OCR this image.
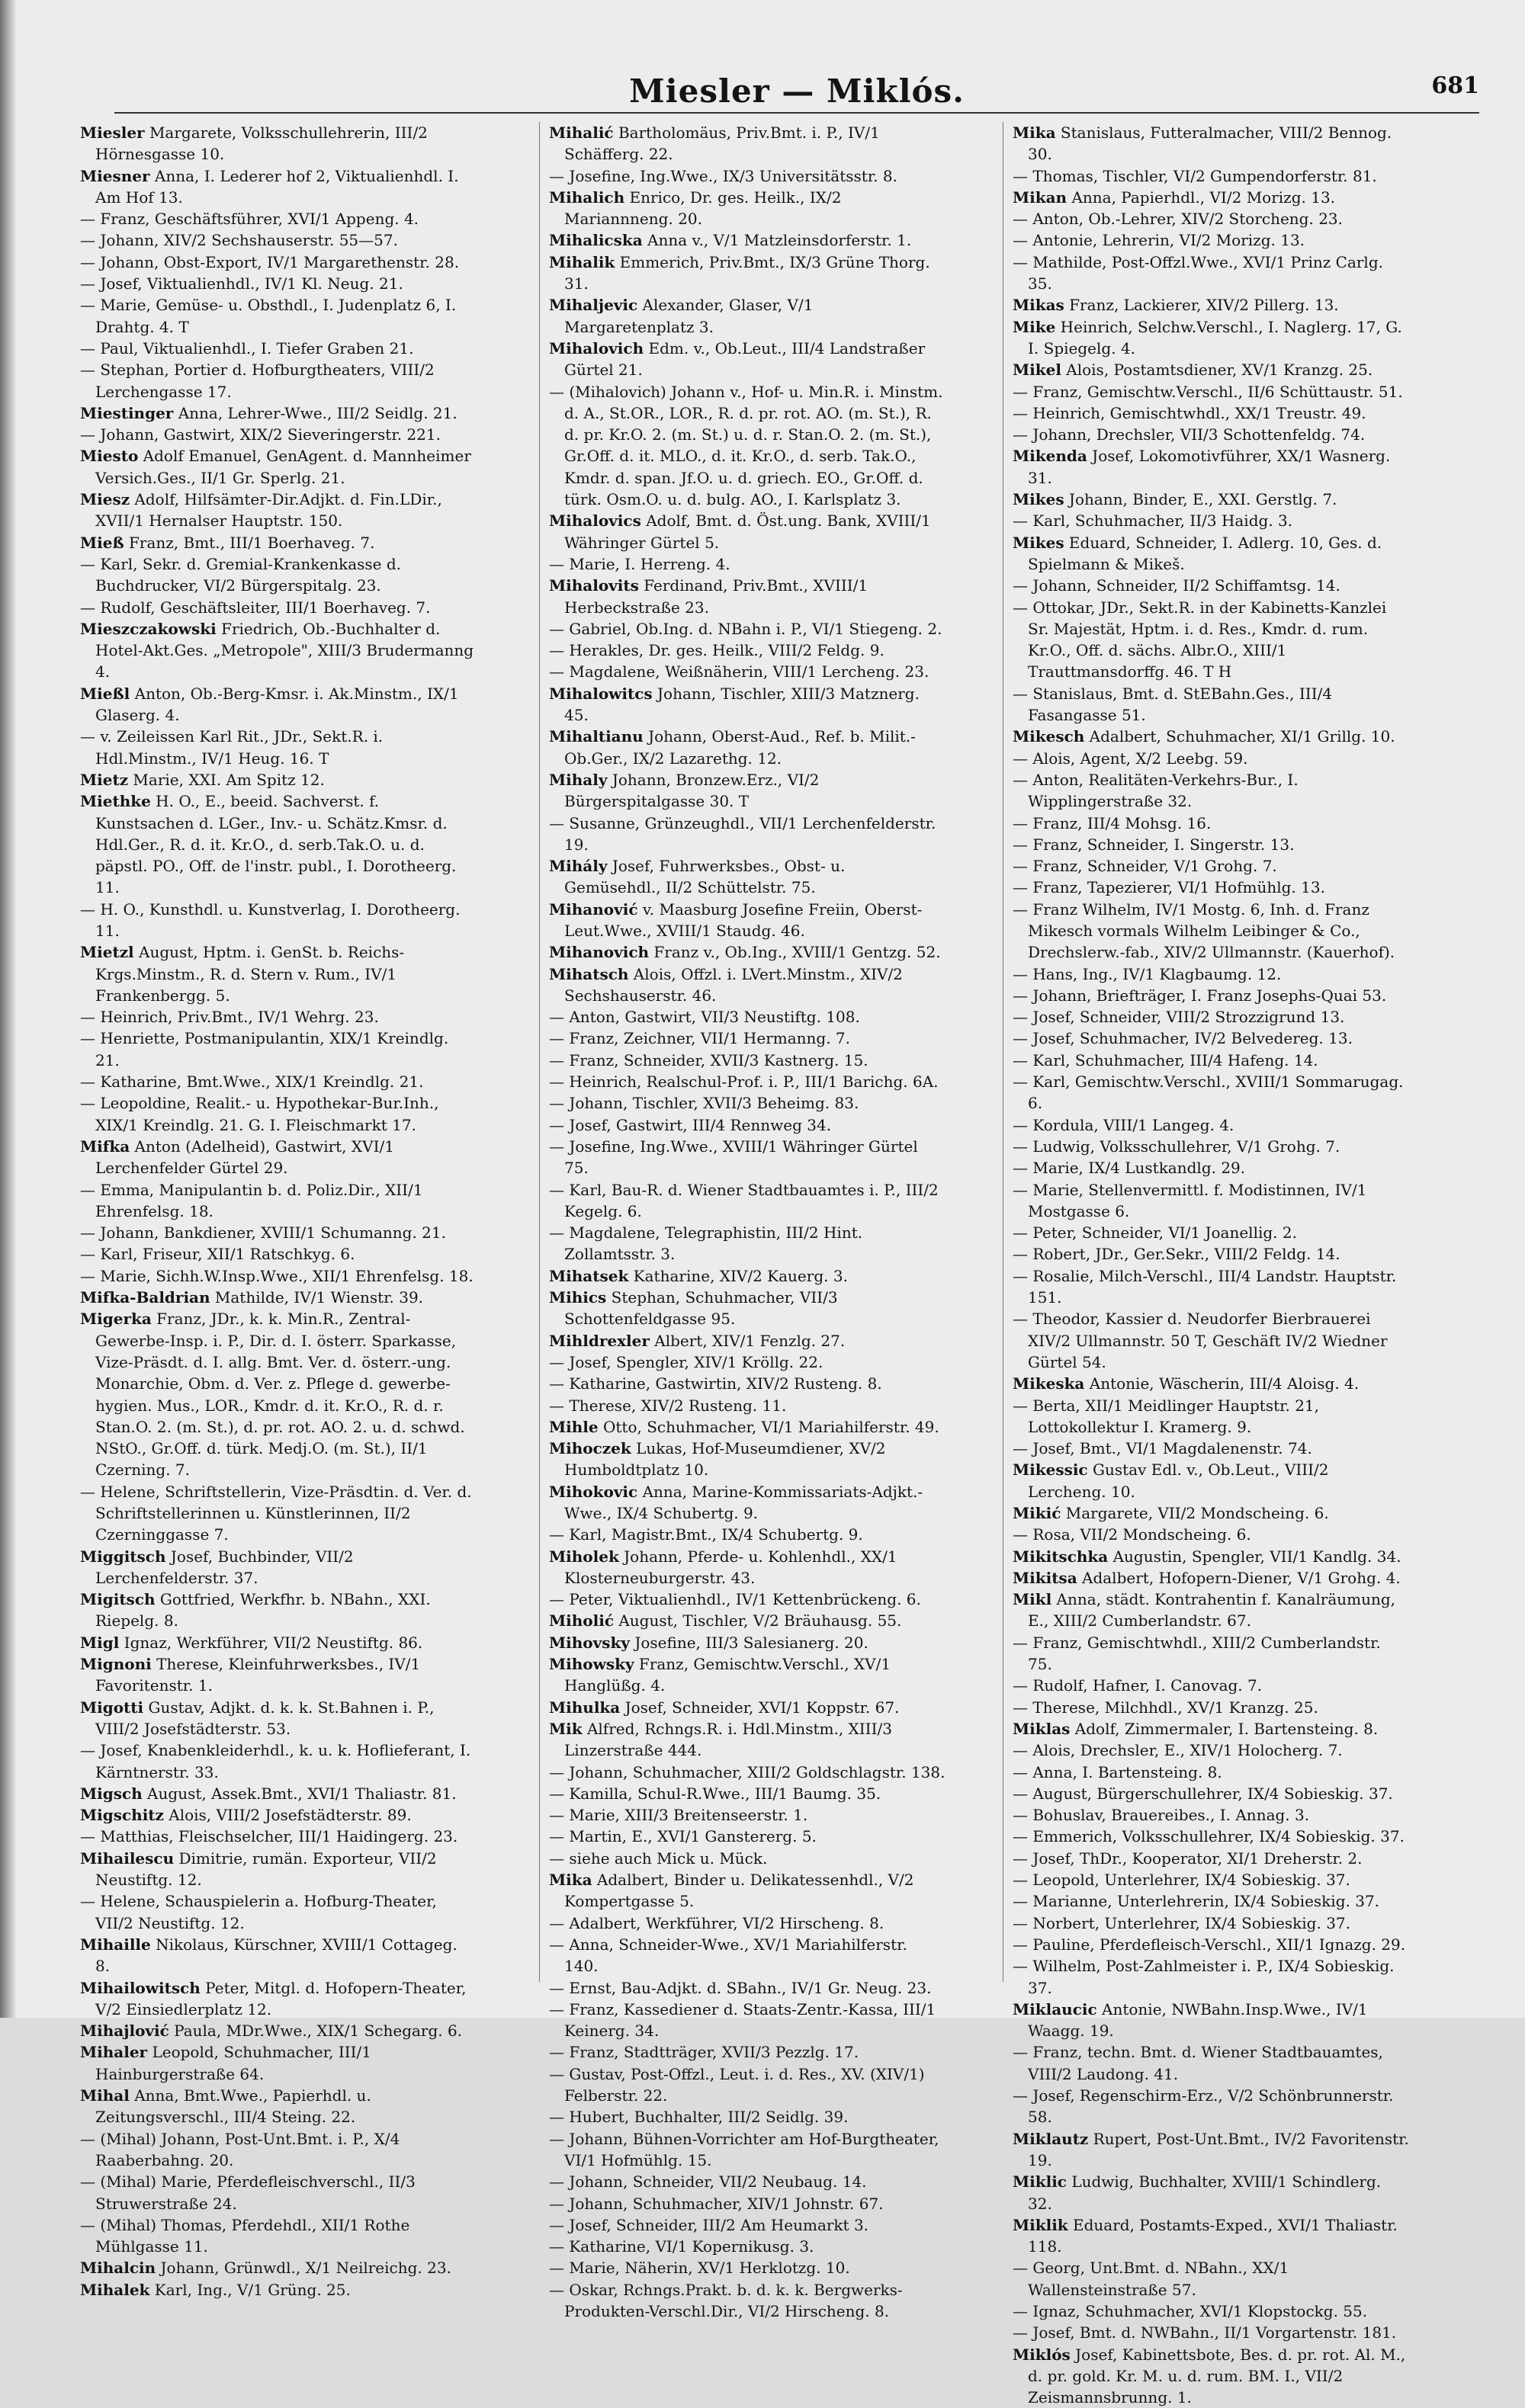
Miesler — Miklós.	681
Miesler Margarete, Volksschullehrerin, III/2 Hörnesgasse 10.
Miesner Anna, I. Lederer hof 2, Viktualienhdl. I. Am Hof 13.
— Franz, Geschäftsführer, XVI/1 Appeng. 4.
— Johann, XIV/2 Sechshauserstr. 55—57.
— Johann, Obst-Export, IV/1 Margarethenstr. 28.
— Josef, Viktualienhdl., IV/1 Kl. Neug. 21.
— Marie, Gemüse- u. Obsthdl., I. Judenplatz 6, I. Drahtg. 4. T
— Paul, Viktualienhdl., I. Tiefer Graben 21.
— Stephan, Portier d. Hofburgtheaters, VIII/2 Lerchengasse 17.
Miestinger Anna, Lehrer-Wwe., III/2 Seidlg. 21.
— Johann, Gastwirt, XIX/2 Sieveringerstr. 221.
Miesto Adolf Emanuel, GenAgent. d. Mannheimer Versich.Ges., II/1 Gr. Sperlg. 21.
Miesz Adolf, Hilfsämter-Dir.Adjkt. d. Fin.LDir., XVII/1 Hernalser Hauptstr. 150.
Mieß Franz, Bmt., III/1 Boerhaveg. 7.
— Karl, Sekr. d. Gremial-Krankenkasse d. Buchdrucker, VI/2 Bürgerspitalg. 23.
— Rudolf, Geschäftsleiter, III/1 Boerhaveg. 7.
Mieszczakowski Friedrich, Ob.-Buchhalter d. Hotel-Akt.Ges. „Metropole", XIII/3 Brudermanng 4.
Mießl Anton, Ob.-Berg-Kmsr. i. Ak.Minstm., IX/1 Glaserg. 4.
— v. Zeileissen Karl Rit., JDr., Sekt.R. i. Hdl.Minstm., IV/1 Heug. 16. T
Mietz Marie, XXI. Am Spitz 12.
Miethke H. O., E., beeid. Sachverst. f. Kunstsachen d. LGer., Inv.- u. Schätz.Kmsr. d. Hdl.Ger., R. d. it. Kr.O., d. serb.Tak.O. u. d. päpstl. PO., Off. de l'instr. publ., I. Dorotheerg. 11.
— H. O., Kunsthdl. u. Kunstverlag, I. Dorotheerg. 11.
Mietzl August, Hptm. i. GenSt. b. Reichs-Krgs.Minstm., R. d. Stern v. Rum., IV/1 Frankenbergg. 5.
— Heinrich, Priv.Bmt., IV/1 Wehrg. 23.
— Henriette, Postmanipulantin, XIX/1 Kreindlg. 21.
— Katharine, Bmt.Wwe., XIX/1 Kreindlg. 21.
— Leopoldine, Realit.- u. Hypothekar-Bur.Inh., XIX/1 Kreindlg. 21. G. I. Fleischmarkt 17.
Mifka Anton (Adelheid), Gastwirt, XVI/1 Lerchenfelder Gürtel 29.
— Emma, Manipulantin b. d. Poliz.Dir., XII/1 Ehrenfelsg. 18.
— Johann, Bankdiener, XVIII/1 Schumanng. 21.
— Karl, Friseur, XII/1 Ratschkyg. 6.
— Marie, Sichh.W.Insp.Wwe., XII/1 Ehrenfelsg. 18.
Mifka-Baldrian Mathilde, IV/1 Wienstr. 39.
Migerka Franz, JDr., k. k. Min.R., Zentral-Gewerbe-Insp. i. P., Dir. d. I. österr. Sparkasse, Vize-Präsdt. d. I. allg. Bmt. Ver. d. österr.-ung. Monarchie, Obm. d. Ver. z. Pflege d. gewerbe-hygien. Mus., LOR., Kmdr. d. it. Kr.O., R. d. r. Stan.O. 2. (m. St.), d. pr. rot. AO. 2. u. d. schwd. NStO., Gr.Off. d. türk. Medj.O. (m. St.), II/1 Czerning. 7.
— Helene, Schriftstellerin, Vize-Präsdtin. d. Ver. d. Schriftstellerinnen u. Künstlerinnen, II/2 Czerninggasse 7.
Miggitsch Josef, Buchbinder, VII/2 Lerchenfelderstr. 37.
Migitsch Gottfried, Werkfhr. b. NBahn., XXI. Riepelg. 8.
Migl Ignaz, Werkführer, VII/2 Neustiftg. 86.
Mignoni Therese, Kleinfuhrwerksbes., IV/1 Favoritenstr. 1.
Migotti Gustav, Adjkt. d. k. k. St.Bahnen i. P., VIII/2 Josefstädterstr. 53.
— Josef, Knabenkleiderhdl., k. u. k. Hoflieferant, I. Kärntnerstr. 33.
Migsch August, Assek.Bmt., XVI/1 Thaliastr. 81.
Migschitz Alois, VIII/2 Josefstädterstr. 89.
— Matthias, Fleischselcher, III/1 Haidingerg. 23.
Mihailescu Dimitrie, rumän. Exporteur, VII/2 Neustiftg. 12.
— Helene, Schauspielerin a. Hofburg-Theater, VII/2 Neustiftg. 12.
Mihaille Nikolaus, Kürschner, XVIII/1 Cottageg. 8.
Mihailowitsch Peter, Mitgl. d. Hofopern-Theater, V/2 Einsiedlerplatz 12.
Mihajlović Paula, MDr.Wwe., XIX/1 Schegarg. 6.
Mihaler Leopold, Schuhmacher, III/1 Hainburgerstraße 64.
Mihal Anna, Bmt.Wwe., Papierhdl. u. Zeitungsverschl., III/4 Steing. 22.
— (Mihal) Johann, Post-Unt.Bmt. i. P., X/4 Raaberbahng. 20.
— (Mihal) Marie, Pferdefleischverschl., II/3 Struwerstraße 24.
— (Mihal) Thomas, Pferdehdl., XII/1 Rothe Mühlgasse 11.
Mihalcin Johann, Grünwdl., X/1 Neilreichg. 23.
Mihalek Karl, Ing., V/1 Grüng. 25.
Mihalić Bartholomäus, Priv.Bmt. i. P., IV/1 Schäfferg. 22.
— Josefine, Ing.Wwe., IX/3 Universitätsstr. 8.
Mihalich Enrico, Dr. ges. Heilk., IX/2 Mariannneng. 20.
Mihalicska Anna v., V/1 Matzleinsdorferstr. 1.
Mihalik Emmerich, Priv.Bmt., IX/3 Grüne Thorg. 31.
Mihaljevic Alexander, Glaser, V/1 Margaretenplatz 3.
Mihalovich Edm. v., Ob.Leut., III/4 Landstraßer Gürtel 21.
— (Mihalovich) Johann v., Hof- u. Min.R. i. Minstm. d. A., St.OR., LOR., R. d. pr. rot. AO. (m. St.), R. d. pr. Kr.O. 2. (m. St.) u. d. r. Stan.O. 2. (m. St.), Gr.Off. d. it. MLO., d. it. Kr.O., d. serb. Tak.O., Kmdr. d. span. Jf.O. u. d. griech. EO., Gr.Off. d. türk. Osm.O. u. d. bulg. AO., I. Karlsplatz 3.
Mihalovics Adolf, Bmt. d. Öst.ung. Bank, XVIII/1 Währinger Gürtel 5.
— Marie, I. Herreng. 4.
Mihalovits Ferdinand, Priv.Bmt., XVIII/1 Herbeckstraße 23.
— Gabriel, Ob.Ing. d. NBahn i. P., VI/1 Stiegeng. 2.
— Herakles, Dr. ges. Heilk., VIII/2 Feldg. 9.
— Magdalene, Weißnäherin, VIII/1 Lercheng. 23.
Mihalowitcs Johann, Tischler, XIII/3 Matznerg. 45.
Mihaltianu Johann, Oberst-Aud., Ref. b. Milit.-Ob.Ger., IX/2 Lazarethg. 12.
Mihaly Johann, Bronzew.Erz., VI/2 Bürgerspitalgasse 30. T
— Susanne, Grünzeughdl., VII/1 Lerchenfelderstr. 19.
Mihály Josef, Fuhrwerksbes., Obst- u. Gemüsehdl., II/2 Schüttelstr. 75.
Mihanović v. Maasburg Josefine Freiin, Oberst-Leut.Wwe., XVIII/1 Staudg. 46.
Mihanovich Franz v., Ob.Ing., XVIII/1 Gentzg. 52.
Mihatsch Alois, Offzl. i. LVert.Minstm., XIV/2 Sechshauserstr. 46.
— Anton, Gastwirt, VII/3 Neustiftg. 108.
— Franz, Zeichner, VII/1 Hermanng. 7.
— Franz, Schneider, XVII/3 Kastnerg. 15.
— Heinrich, Realschul-Prof. i. P., III/1 Barichg. 6A.
— Johann, Tischler, XVII/3 Beheimg. 83.
— Josef, Gastwirt, III/4 Rennweg 34.
— Josefine, Ing.Wwe., XVIII/1 Währinger Gürtel 75.
— Karl, Bau-R. d. Wiener Stadtbauamtes i. P., III/2 Kegelg. 6.
— Magdalene, Telegraphistin, III/2 Hint. Zollamtsstr. 3.
Mihatsek Katharine, XIV/2 Kauerg. 3.
Mihics Stephan, Schuhmacher, VII/3 Schottenfeldgasse 95.
Mihldrexler Albert, XIV/1 Fenzlg. 27.
— Josef, Spengler, XIV/1 Kröllg. 22.
— Katharine, Gastwirtin, XIV/2 Rusteng. 8.
— Therese, XIV/2 Rusteng. 11.
Mihle Otto, Schuhmacher, VI/1 Mariahilferstr. 49.
Mihoczek Lukas, Hof-Museumdiener, XV/2 Humboldtplatz 10.
Mihokovic Anna, Marine-Kommissariats-Adjkt.-Wwe., IX/4 Schubertg. 9.
— Karl, Magistr.Bmt., IX/4 Schubertg. 9.
Miholek Johann, Pferde- u. Kohlenhdl., XX/1 Klosterneuburgerstr. 43.
— Peter, Viktualienhdl., IV/1 Kettenbrückeng. 6.
Miholić August, Tischler, V/2 Bräuhausg. 55.
Mihovsky Josefine, III/3 Salesianerg. 20.
Mihowsky Franz, Gemischtw.Verschl., XV/1 Hanglüßg. 4.
Mihulka Josef, Schneider, XVI/1 Koppstr. 67.
Mik Alfred, Rchngs.R. i. Hdl.Minstm., XIII/3 Linzerstraße 444.
— Johann, Schuhmacher, XIII/2 Goldschlagstr. 138.
— Kamilla, Schul-R.Wwe., III/1 Baumg. 35.
— Marie, XIII/3 Breitenseerstr. 1.
— Martin, E., XVI/1 Ganstererg. 5.
— siehe auch Mick u. Mück.
Mika Adalbert, Binder u. Delikatessenhdl., V/2 Kompertgasse 5.
— Adalbert, Werkführer, VI/2 Hirscheng. 8.
— Anna, Schneider-Wwe., XV/1 Mariahilferstr. 140.
— Ernst, Bau-Adjkt. d. SBahn., IV/1 Gr. Neug. 23.
— Franz, Kassediener d. Staats-Zentr.-Kassa, III/1 Keinerg. 34.
— Franz, Stadtträger, XVII/3 Pezzlg. 17.
— Gustav, Post-Offzl., Leut. i. d. Res., XV. (XIV/1) Felberstr. 22.
— Hubert, Buchhalter, III/2 Seidlg. 39.
— Johann, Bühnen-Vorrichter am Hof-Burgtheater, VI/1 Hofmühlg. 15.
— Johann, Schneider, VII/2 Neubaug. 14.
— Johann, Schuhmacher, XIV/1 Johnstr. 67.
— Josef, Schneider, III/2 Am Heumarkt 3.
— Katharine, VI/1 Kopernikusg. 3.
— Marie, Näherin, XV/1 Herklotzg. 10.
— Oskar, Rchngs.Prakt. b. d. k. k. Bergwerks-Produkten-Verschl.Dir., VI/2 Hirscheng. 8.
Mika Stanislaus, Futteralmacher, VIII/2 Bennog. 30.
— Thomas, Tischler, VI/2 Gumpendorferstr. 81.
Mikan Anna, Papierhdl., VI/2 Morizg. 13.
— Anton, Ob.-Lehrer, XIV/2 Storcheng. 23.
— Antonie, Lehrerin, VI/2 Morizg. 13.
— Mathilde, Post-Offzl.Wwe., XVI/1 Prinz Carlg. 35.
Mikas Franz, Lackierer, XIV/2 Pillerg. 13.
Mike Heinrich, Selchw.Verschl., I. Naglerg. 17, G. I. Spiegelg. 4.
Mikel Alois, Postamtsdiener, XV/1 Kranzg. 25.
— Franz, Gemischtw.Verschl., II/6 Schüttaustr. 51.
— Heinrich, Gemischtwhdl., XX/1 Treustr. 49.
— Johann, Drechsler, VII/3 Schottenfeldg. 74.
Mikenda Josef, Lokomotivführer, XX/1 Wasnerg. 31.
Mikes Johann, Binder, E., XXI. Gerstlg. 7.
— Karl, Schuhmacher, II/3 Haidg. 3.
Mikes Eduard, Schneider, I. Adlerg. 10, Ges. d. Spielmann & Mikeš.
— Johann, Schneider, II/2 Schiffamtsg. 14.
— Ottokar, JDr., Sekt.R. in der Kabinetts-Kanzlei Sr. Majestät, Hptm. i. d. Res., Kmdr. d. rum. Kr.O., Off. d. sächs. Albr.O., XIII/1 Trauttmansdorffg. 46. T H
— Stanislaus, Bmt. d. StEBahn.Ges., III/4 Fasangasse 51.
Mikesch Adalbert, Schuhmacher, XI/1 Grillg. 10.
— Alois, Agent, X/2 Leebg. 59.
— Anton, Realitäten-Verkehrs-Bur., I. Wipplingerstraße 32.
— Franz, III/4 Mohsg. 16.
— Franz, Schneider, I. Singerstr. 13.
— Franz, Schneider, V/1 Grohg. 7.
— Franz, Tapezierer, VI/1 Hofmühlg. 13.
— Franz Wilhelm, IV/1 Mostg. 6, Inh. d. Franz Mikesch vormals Wilhelm Leibinger & Co., Drechslerw.-fab., XIV/2 Ullmannstr. (Kauerhof).
— Hans, Ing., IV/1 Klagbaumg. 12.
— Johann, Briefträger, I. Franz Josephs-Quai 53.
— Josef, Schneider, VIII/2 Strozzigrund 13.
— Josef, Schuhmacher, IV/2 Belvedereg. 13.
— Karl, Schuhmacher, III/4 Hafeng. 14.
— Karl, Gemischtw.Verschl., XVIII/1 Sommarugag. 6.
— Kordula, VIII/1 Langeg. 4.
— Ludwig, Volksschullehrer, V/1 Grohg. 7.
— Marie, IX/4 Lustkandlg. 29.
— Marie, Stellenvermittl. f. Modistinnen, IV/1 Mostgasse 6.
— Peter, Schneider, VI/1 Joanellig. 2.
— Robert, JDr., Ger.Sekr., VIII/2 Feldg. 14.
— Rosalie, Milch-Verschl., III/4 Landstr. Hauptstr. 151.
— Theodor, Kassier d. Neudorfer Bierbrauerei XIV/2 Ullmannstr. 50 T, Geschäft IV/2 Wiedner Gürtel 54.
Mikeska Antonie, Wäscherin, III/4 Aloisg. 4.
— Berta, XII/1 Meidlinger Hauptstr. 21, Lottokollektur I. Kramerg. 9.
— Josef, Bmt., VI/1 Magdalenenstr. 74.
Mikessic Gustav Edl. v., Ob.Leut., VIII/2 Lercheng. 10.
Mikić Margarete, VII/2 Mondscheing. 6.
— Rosa, VII/2 Mondscheing. 6.
Mikitschka Augustin, Spengler, VII/1 Kandlg. 34.
Mikitsa Adalbert, Hofopern-Diener, V/1 Grohg. 4.
Mikl Anna, städt. Kontrahentin f. Kanalräumung, E., XIII/2 Cumberlandstr. 67.
— Franz, Gemischtwhdl., XIII/2 Cumberlandstr. 75.
— Rudolf, Hafner, I. Canovag. 7.
— Therese, Milchhdl., XV/1 Kranzg. 25.
Miklas Adolf, Zimmermaler, I. Bartensteing. 8.
— Alois, Drechsler, E., XIV/1 Holocherg. 7.
— Anna, I. Bartensteing. 8.
— August, Bürgerschullehrer, IX/4 Sobieskig. 37.
— Bohuslav, Brauereibes., I. Annag. 3.
— Emmerich, Volksschullehrer, IX/4 Sobieskig. 37.
— Josef, ThDr., Kooperator, XI/1 Dreherstr. 2.
— Leopold, Unterlehrer, IX/4 Sobieskig. 37.
— Marianne, Unterlehrerin, IX/4 Sobieskig. 37.
— Norbert, Unterlehrer, IX/4 Sobieskig. 37.
— Pauline, Pferdefleisch-Verschl., XII/1 Ignazg. 29.
— Wilhelm, Post-Zahlmeister i. P., IX/4 Sobieskig. 37.
Miklaucic Antonie, NWBahn.Insp.Wwe., IV/1 Waagg. 19.
— Franz, techn. Bmt. d. Wiener Stadtbauamtes, VIII/2 Laudong. 41.
— Josef, Regenschirm-Erz., V/2 Schönbrunnerstr. 58.
Miklautz Rupert, Post-Unt.Bmt., IV/2 Favoritenstr. 19.
Miklic Ludwig, Buchhalter, XVIII/1 Schindlerg. 32.
Miklik Eduard, Postamts-Exped., XVI/1 Thaliastr. 118.
— Georg, Unt.Bmt. d. NBahn., XX/1 Wallensteinstraße 57.
— Ignaz, Schuhmacher, XVI/1 Klopstockg. 55.
— Josef, Bmt. d. NWBahn., II/1 Vorgartenstr. 181.
Miklós Josef, Kabinettsbote, Bes. d. pr. rot. Al. M., d. pr. gold. Kr. M. u. d. rum. BM. I., VII/2 Zeismannsbrunng. 1.
